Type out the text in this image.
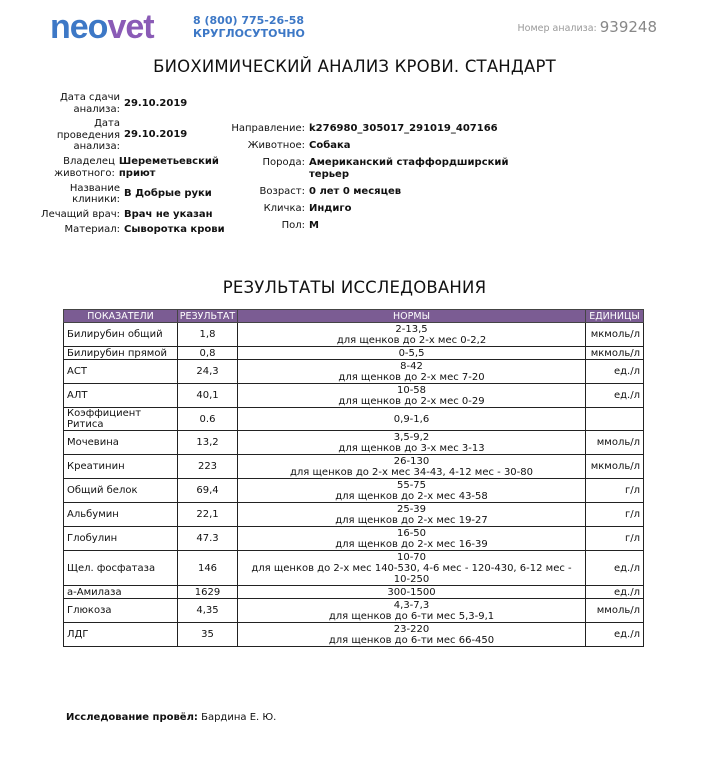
neovet	8 (800) 775-26-58
КРУГЛОСУТОЧНО	Номер анализа: 939248
БИОХИМИЧЕСКИЙ АНАЛИЗ КРОВИ. СТАНДАРТ
Дата сдачи анализа:
29.10.2019
Дата проведения анализа:
29.10.2019
Владелец животного:
Шереметьевский приют
Название клиники:
В Добрые руки
Лечащий врач: Врач не указан
Материал: Сыворотка крови
Направление: k276980_305017_291019_407166
Животное: Собака
Порода: Американский стаффордширский терьер
Возраст: 0 лет 0 месяцев
Кличка: Индиго
Пол: М
РЕЗУЛЬТАТЫ ИССЛЕДОВАНИЯ
ПОКАЗАТЕЛИ	РЕЗУЛЬТАТ	НОРМЫ	ЕДИНИЦЫ
Билирубин общий	1,8	2-13,5
для щенков до 2-х мес 0-2,2	мкмоль/л
Билирубин прямой	0,8	0-5,5	мкмоль/л
АСТ	24,3	8-42
для щенков до 2-х мес 7-20	ед./л
АЛТ	40,1	10-58
для щенков до 2-х мес 0-29	ед./л
Коэффициент Ритиса	0.6	0,9-1,6	

Мочевина	13,2	3,5-9,2
для щенков до 3-х мес 3-13	ммоль/л
Креатинин	223	26-130
для щенков до 2-х мес 34-43, 4-12 мес - 30-80	мкмоль/л
Общий белок	69,4	55-75
для щенков до 2-х мес 43-58	г/л
Альбумин	22,1	25-39
для щенков до 2-х мес 19-27	г/л
Глобулин	47.3	16-50
для щенков до 2-х мес 16-39	г/л
Щел. фосфатаза	146	10-70
для щенков до 2-х мес 140-530, 4-6 мес - 120-430, 6-12 мес -
10-250	ед./л
а-Амилаза	1629	300-1500	ед./л
Глюкоза	4,35	4,3-7,3
для щенков до 6-ти мес 5,3-9,1	ммоль/л
ЛДГ	35	23-220
для щенков до 6-ти мес 66-450	ед./л
Исследование провёл: Бардина Е. Ю.
